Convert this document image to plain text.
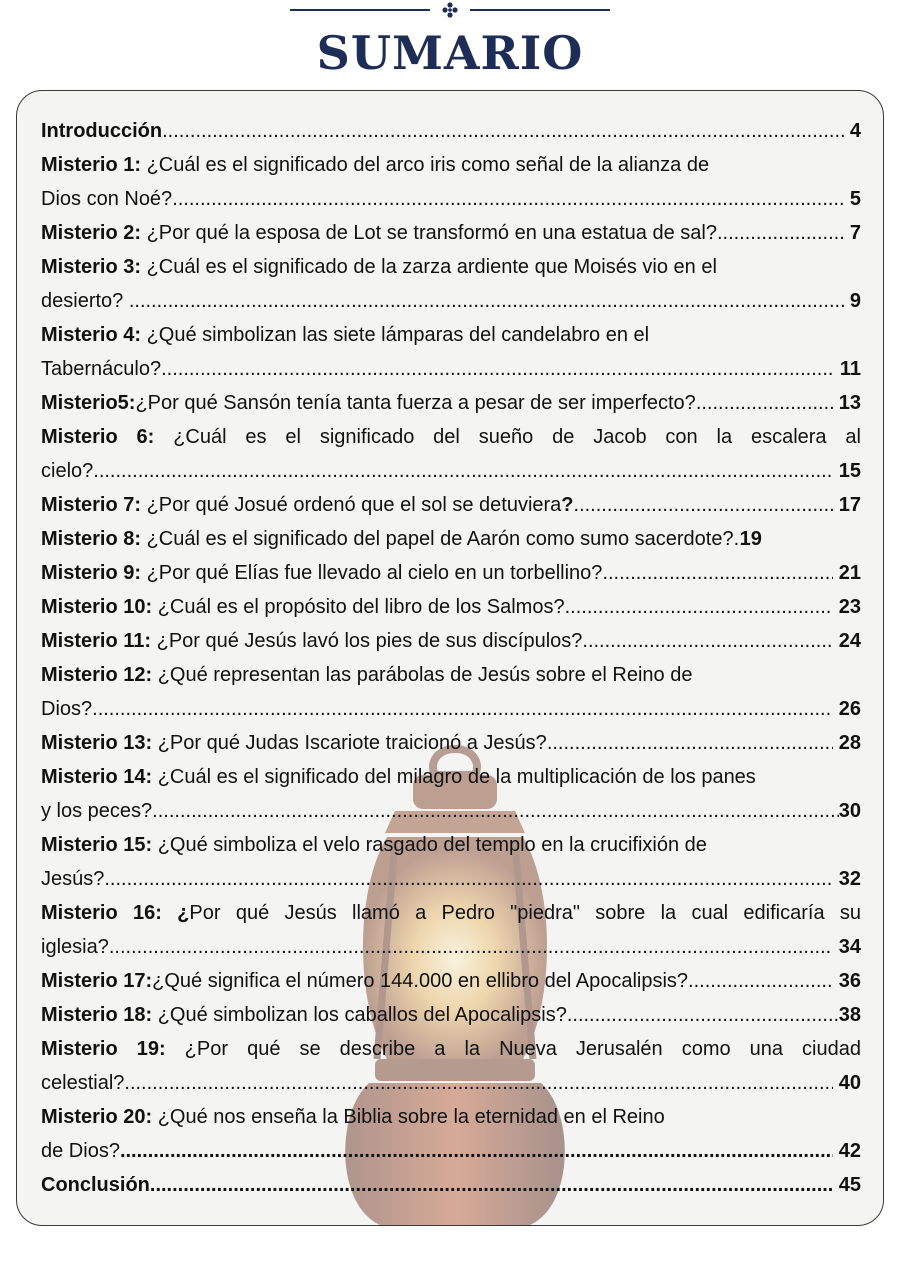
SUMARIO
Introducción .....	4
Misterio 1: ¿Cuál es el significado del arco iris como señal de la alianza de
Dios con Noé? .....	5
Misterio 2: ¿Por qué la esposa de Lot se transformó en una estatua de sal? .....	7
Misterio 3: ¿Cuál es el significado de la zarza ardiente que Moisés vio en el
desierto? . .....	9
Misterio 4: ¿Qué simbolizan las siete lámparas del candelabro en el
Tabernáculo? .....	11
Misterio5:¿Por qué Sansón tenía tanta fuerza a pesar de ser imperfecto? .....	13
Misterio 6: ¿Cuál es el significado del sueño de Jacob con la escalera al
cielo? .....	15
Misterio 7: ¿Por qué Josué ordenó que el sol se detuviera? .....	17
Misterio 8: ¿Cuál es el significado del papel de Aarón como sumo sacerdote? ..... 19
Misterio 9: ¿Por qué Elías fue llevado al cielo en un torbellino? .....	21
Misterio 10: ¿Cuál es el propósito del libro de los Salmos? .....	23
Misterio 11: ¿Por qué Jesús lavó los pies de sus discípulos? .....	24
Misterio 12: ¿Qué representan las parábolas de Jesús sobre el Reino de
Dios? .....	26
Misterio 13: ¿Por qué Judas Iscariote traicionó a Jesús? .....	28
Misterio 14: ¿Cuál es el significado del milagro de la multiplicación de los panes
y los peces? .....	30
Misterio 15: ¿Qué simboliza el velo rasgado del templo en la crucifixión de
Jesús? .....	32
Misterio 16: ¿Por qué Jesús llamó a Pedro "piedra" sobre la cual edificaría su
iglesia? .....	34
Misterio 17:¿Qué significa el número 144.000 en ellibro del Apocalipsis? .....	36
Misterio 18: ¿Qué simbolizan los caballos del Apocalipsis? .....	38
Misterio 19: ¿Por qué se describe a la Nueva Jerusalén como una ciudad
celestial? .....	40
Misterio 20: ¿Qué nos enseña la Biblia sobre la eternidad en el Reino
de Dios? .....	42
Conclusión .....	45
